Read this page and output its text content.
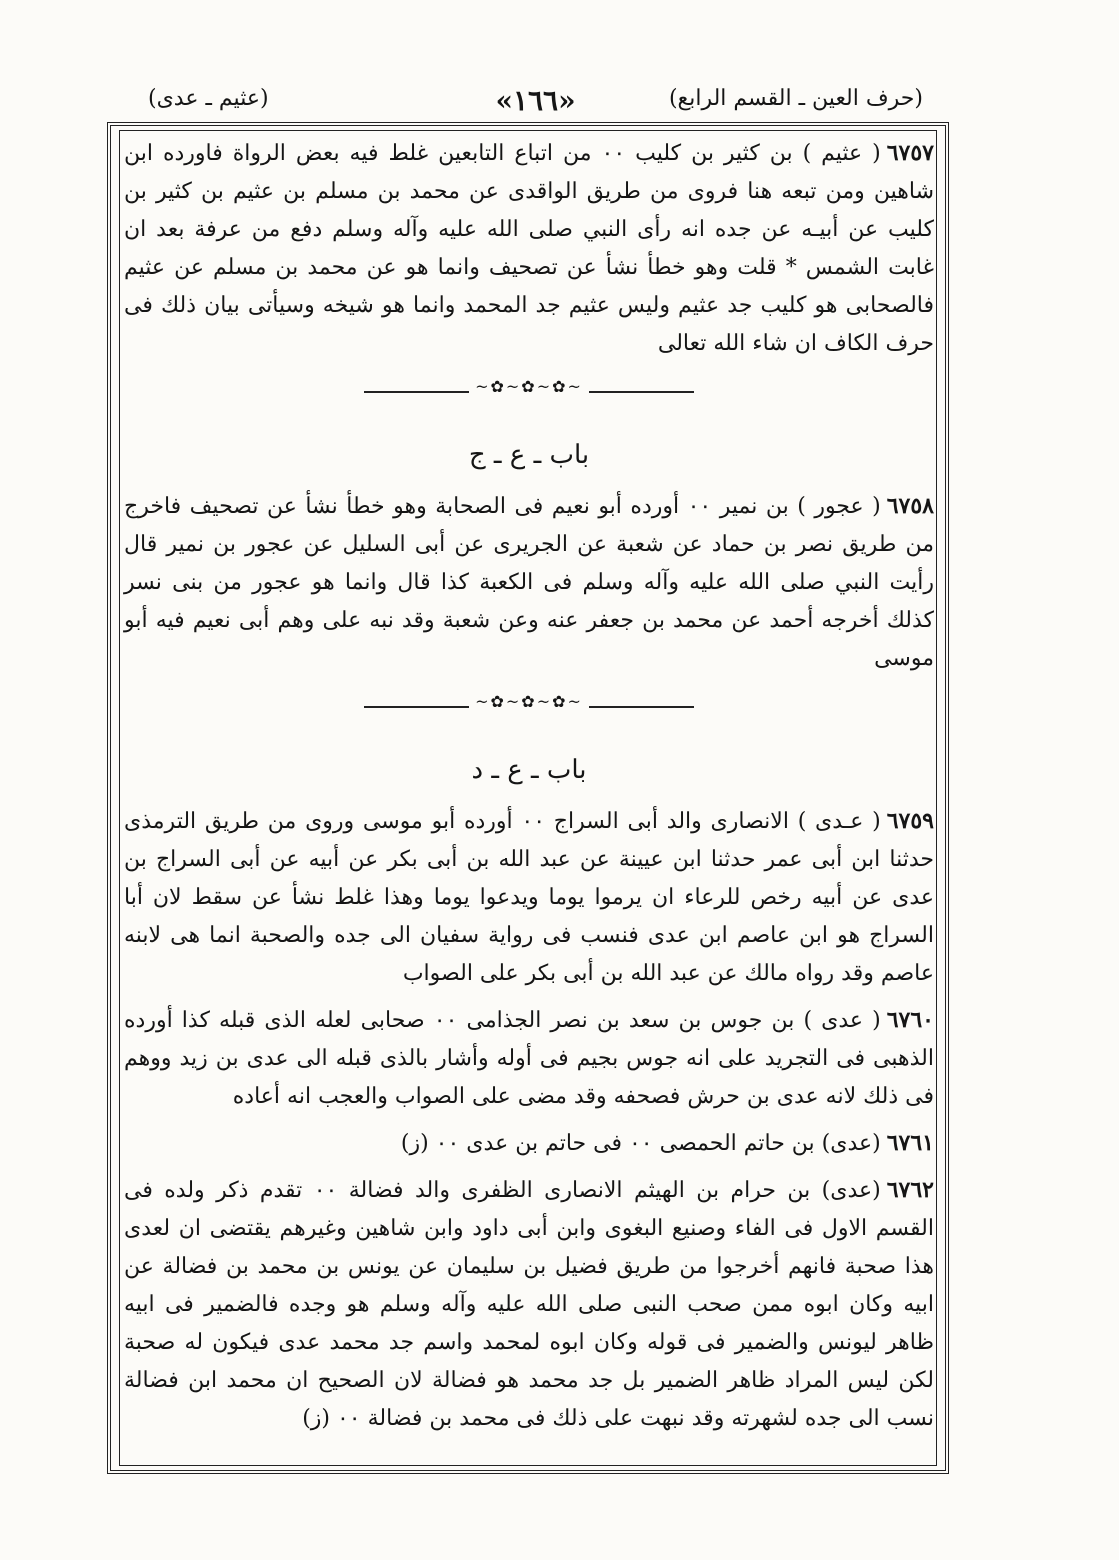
(حرف العين ـ القسم الرابع)
«١٦٦»
(عثيم ـ عدى)

٦٧٥٧( عثيم ) بن كثير بن كليب ٠٠ من اتباع التابعين غلط فيه بعض الرواة فاورده ابن شاهين ومن تبعه هنا فروى من طريق الواقدى عن محمد بن مسلم بن عثيم بن كثير بن كليب عن أبيـه عن جده انه رأى النبي صلى الله عليه وآله وسلم دفع من عرفة بعد ان غابت الشمس * قلت وهو خطأ نشأ عن تصحيف وانما هو عن محمد بن مسلم عن عثيم فالصحابى هو كليب جد عثيم وليس عثيم جد المحمد وانما هو شيخه وسيأتى بيان ذلك فى حرف الكاف ان شاء الله تعالى

~✿~✿~✿~

باب ـ ع ـ ج

٦٧٥٨( عجور ) بن نمير ٠٠ أورده أبو نعيم فى الصحابة وهو خطأ نشأ عن تصحيف فاخرج من طريق نصر بن حماد عن شعبة عن الجريرى عن أبى السليل عن عجور بن نمير قال رأيت النبي صلى الله عليه وآله وسلم فى الكعبة كذا قال وانما هو عجور من بنى نسر كذلك أخرجه أحمد عن محمد بن جعفر عنه وعن شعبة وقد نبه على وهم أبى نعيم فيه أبو موسى

~✿~✿~✿~

باب ـ ع ـ د

٦٧٥٩( عـدى ) الانصارى والد أبى السراج ٠٠ أورده أبو موسى وروى من طريق الترمذى حدثنا ابن أبى عمر حدثنا ابن عيينة عن عبد الله بن أبى بكر عن أبيه عن أبى السراج بن عدى عن أبيه رخص للرعاء ان يرموا يوما ويدعوا يوما وهذا غلط نشأ عن سقط لان أبا السراج هو ابن عاصم ابن عدى فنسب فى رواية سفيان الى جده والصحبة انما هى لابنه عاصم وقد رواه مالك عن عبد الله بن أبى بكر على الصواب

٦٧٦٠( عدى ) بن جوس بن سعد بن نصر الجذامى ٠٠ صحابى لعله الذى قبله كذا أورده الذهبى فى التجريد على انه جوس بجيم فى أوله وأشار بالذى قبله الى عدى بن زيد ووهم فى ذلك لانه عدى بن حرش فصحفه وقد مضى على الصواب والعجب انه أعاده

٦٧٦١(عدى) بن حاتم الحمصى ٠٠ فى حاتم بن عدى ٠٠ (ز)

٦٧٦٢(عدى) بن حرام بن الهيثم الانصارى الظفرى والد فضالة ٠٠ تقدم ذكر ولده فى القسم الاول فى الفاء وصنيع البغوى وابن أبى داود وابن شاهين وغيرهم يقتضى ان لعدى هذا صحبة فانهم أخرجوا من طريق فضيل بن سليمان عن يونس بن محمد بن فضالة عن ابيه وكان ابوه ممن صحب النبى صلى الله عليه وآله وسلم هو وجده فالضمير فى ابيه ظاهر ليونس والضمير فى قوله وكان ابوه لمحمد واسم جد محمد عدى فيكون له صحبة لكن ليس المراد ظاهر الضمير بل جد محمد هو فضالة لان الصحيح ان محمد ابن فضالة نسب الى جده لشهرته وقد نبهت على ذلك فى محمد بن فضالة ٠٠ (ز)
